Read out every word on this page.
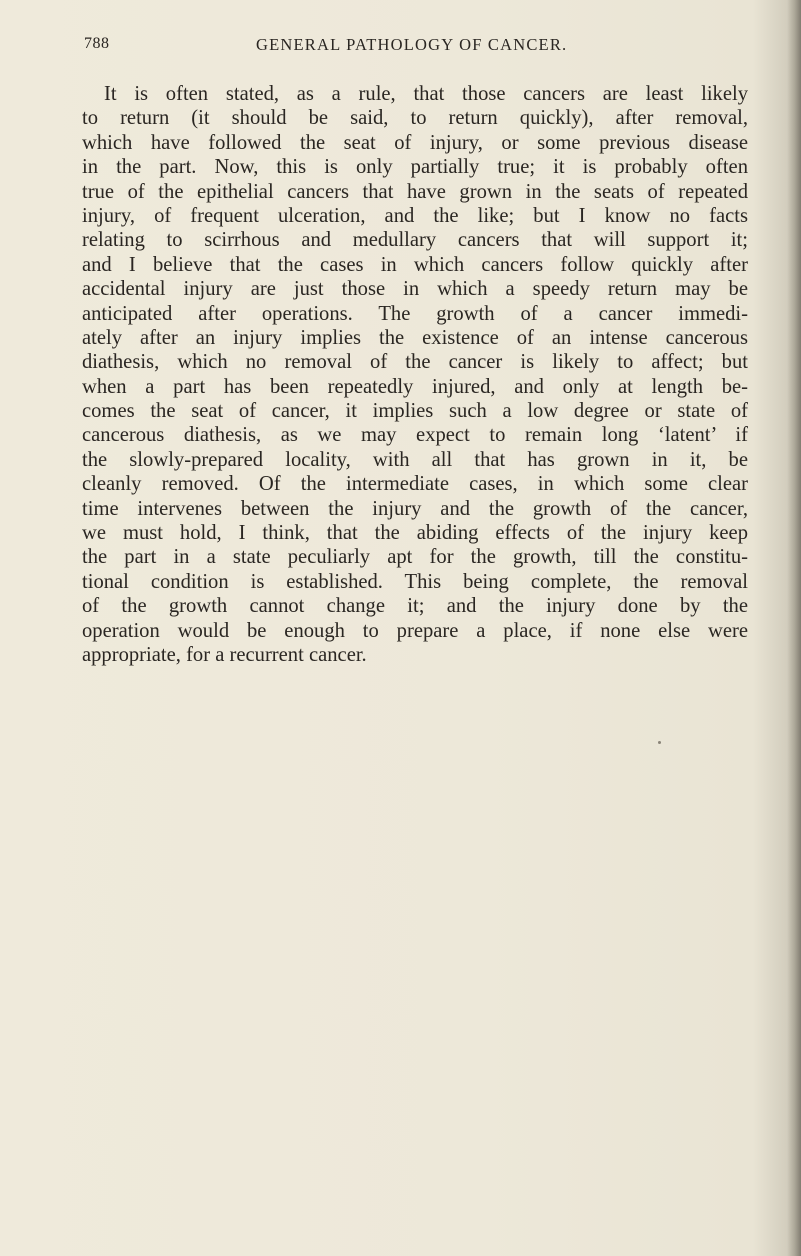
788	GENERAL PATHOLOGY OF CANCER.
It is often stated, as a rule, that those cancers are least likely
to return (it should be said, to return quickly), after removal,
which have followed the seat of injury, or some previous disease
in the part. Now, this is only partially true; it is probably often
true of the epithelial cancers that have grown in the seats of repeated
injury, of frequent ulceration, and the like; but I know no facts
relating to scirrhous and medullary cancers that will support it;
and I believe that the cases in which cancers follow quickly after
accidental injury are just those in which a speedy return may be
anticipated after operations. The growth of a cancer immedi-
ately after an injury implies the existence of an intense cancerous
diathesis, which no removal of the cancer is likely to affect; but
when a part has been repeatedly injured, and only at length be-
comes the seat of cancer, it implies such a low degree or state of
cancerous diathesis, as we may expect to remain long ‘latent’ if
the slowly-prepared locality, with all that has grown in it, be
cleanly removed. Of the intermediate cases, in which some clear
time intervenes between the injury and the growth of the cancer,
we must hold, I think, that the abiding effects of the injury keep
the part in a state peculiarly apt for the growth, till the constitu-
tional condition is established. This being complete, the removal
of the growth cannot change it; and the injury done by the
operation would be enough to prepare a place, if none else were
appropriate, for a recurrent cancer.
